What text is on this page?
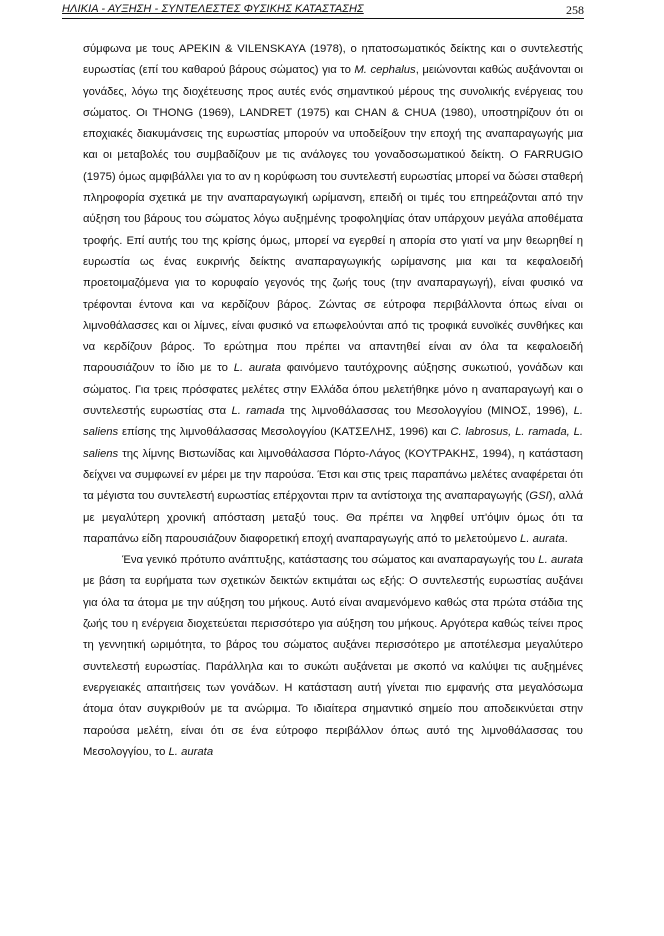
ΗΛΙΚΙΑ - ΑΥΞΗΣΗ - ΣΥΝΤΕΛΕΣΤΕΣ ΦΥΣΙΚΗΣ ΚΑΤΑΣΤΑΣΗΣ	258

σύμφωνα με τους APEKIN & VILENSKAYA (1978), ο ηπατοσωματικός δείκτης και ο συντελεστής ευρωστίας (επί του καθαρού βάρους σώματος) για το M. cephalus, μειώνονται καθώς αυξάνονται οι γονάδες, λόγω της διοχέτευσης προς αυτές ενός σημαντικού μέρους της συνολικής ενέργειας του σώματος. Οι THONG (1969), LANDRET (1975) και CHAN & CHUA (1980), υποστηρίζουν ότι οι εποχιακές διακυμάνσεις της ευρωστίας μπορούν να υποδείξουν την εποχή της αναπαραγωγής μια και οι μεταβολές του συμβαδίζουν με τις ανάλογες του γοναδοσωματικού δείκτη. Ο FARRUGIO (1975) όμως αμφιβάλλει για το αν η κορύφωση του συντελεστή ευρωστίας μπορεί να δώσει σταθερή πληροφορία σχετικά με την αναπαραγωγική ωρίμανση, επειδή οι τιμές του επηρεάζονται από την αύξηση του βάρους του σώματος λόγω αυξημένης τροφοληψίας όταν υπάρχουν μεγάλα αποθέματα τροφής. Επί αυτής του της κρίσης όμως, μπορεί να εγερθεί η απορία στο γιατί να μην θεωρηθεί η ευρωστία ως ένας ευκρινής δείκτης αναπαραγωγικής ωρίμανσης μια και τα κεφαλοειδή προετοιμαζόμενα για το κορυφαίο γεγονός της ζωής τους (την αναπαραγωγή), είναι φυσικό να τρέφονται έντονα και να κερδίζουν βάρος. Ζώντας σε εύτροφα περιβάλλοντα όπως είναι οι λιμνοθάλασσες και οι λίμνες, είναι φυσικό να επωφελούνται από τις τροφικά ευνοϊκές συνθήκες και να κερδίζουν βάρος. Το ερώτημα που πρέπει να απαντηθεί είναι αν όλα τα κεφαλοειδή παρουσιάζουν το ίδιο με το L. aurata φαινόμενο ταυτόχρονης αύξησης συκωτιού, γονάδων και σώματος. Για τρεις πρόσφατες μελέτες στην Ελλάδα όπου μελετήθηκε μόνο η αναπαραγωγή και ο συντελεστής ευρωστίας στα L. ramada της λιμνοθάλασσας του Μεσολογγίου (ΜΙΝΟΣ, 1996), L. saliens επίσης της λιμνοθάλασσας Μεσολογγίου (ΚΑΤΣΕΛΗΣ, 1996) και C. labrosus, L. ramada, L. saliens της λίμνης Βιστωνίδας και λιμνοθάλασσα Πόρτο-Λάγος (ΚΟΥΤΡΑΚΗΣ, 1994), η κατάσταση δείχνει να συμφωνεί εν μέρει με την παρούσα. Έτσι και στις τρεις παραπάνω μελέτες αναφέρεται ότι τα μέγιστα του συντελεστή ευρωστίας επέρχονται πριν τα αντίστοιχα της αναπαραγωγής (GSI), αλλά με μεγαλύτερη χρονική απόσταση μεταξύ τους. Θα πρέπει να ληφθεί υπ'όψιν όμως ότι τα παραπάνω είδη παρουσιάζουν διαφορετική εποχή αναπαραγωγής από το μελετούμενο L. aurata.

Ένα γενικό πρότυπο ανάπτυξης, κατάστασης του σώματος και αναπαραγωγής του L. aurata με βάση τα ευρήματα των σχετικών δεικτών εκτιμάται ως εξής: Ο συντελεστής ευρωστίας αυξάνει για όλα τα άτομα με την αύξηση του μήκους. Αυτό είναι αναμενόμενο καθώς στα πρώτα στάδια της ζωής του η ενέργεια διοχετεύεται περισσότερο για αύξηση του μήκους. Αργότερα καθώς τείνει προς τη γεννητική ωριμότητα, το βάρος του σώματος αυξάνει περισσότερο με αποτέλεσμα μεγαλύτερο συντελεστή ευρωστίας. Παράλληλα και το συκώτι αυξάνεται με σκοπό να καλύψει τις αυξημένες ενεργειακές απαιτήσεις των γονάδων. Η κατάσταση αυτή γίνεται πιο εμφανής στα μεγαλόσωμα άτομα όταν συγκριθούν με τα ανώριμα. Το ιδιαίτερα σημαντικό σημείο που αποδεικνύεται στην παρούσα μελέτη, είναι ότι σε ένα εύτροφο περιβάλλον όπως αυτό της λιμνοθάλασσας του Μεσολογγίου, το L. aurata
